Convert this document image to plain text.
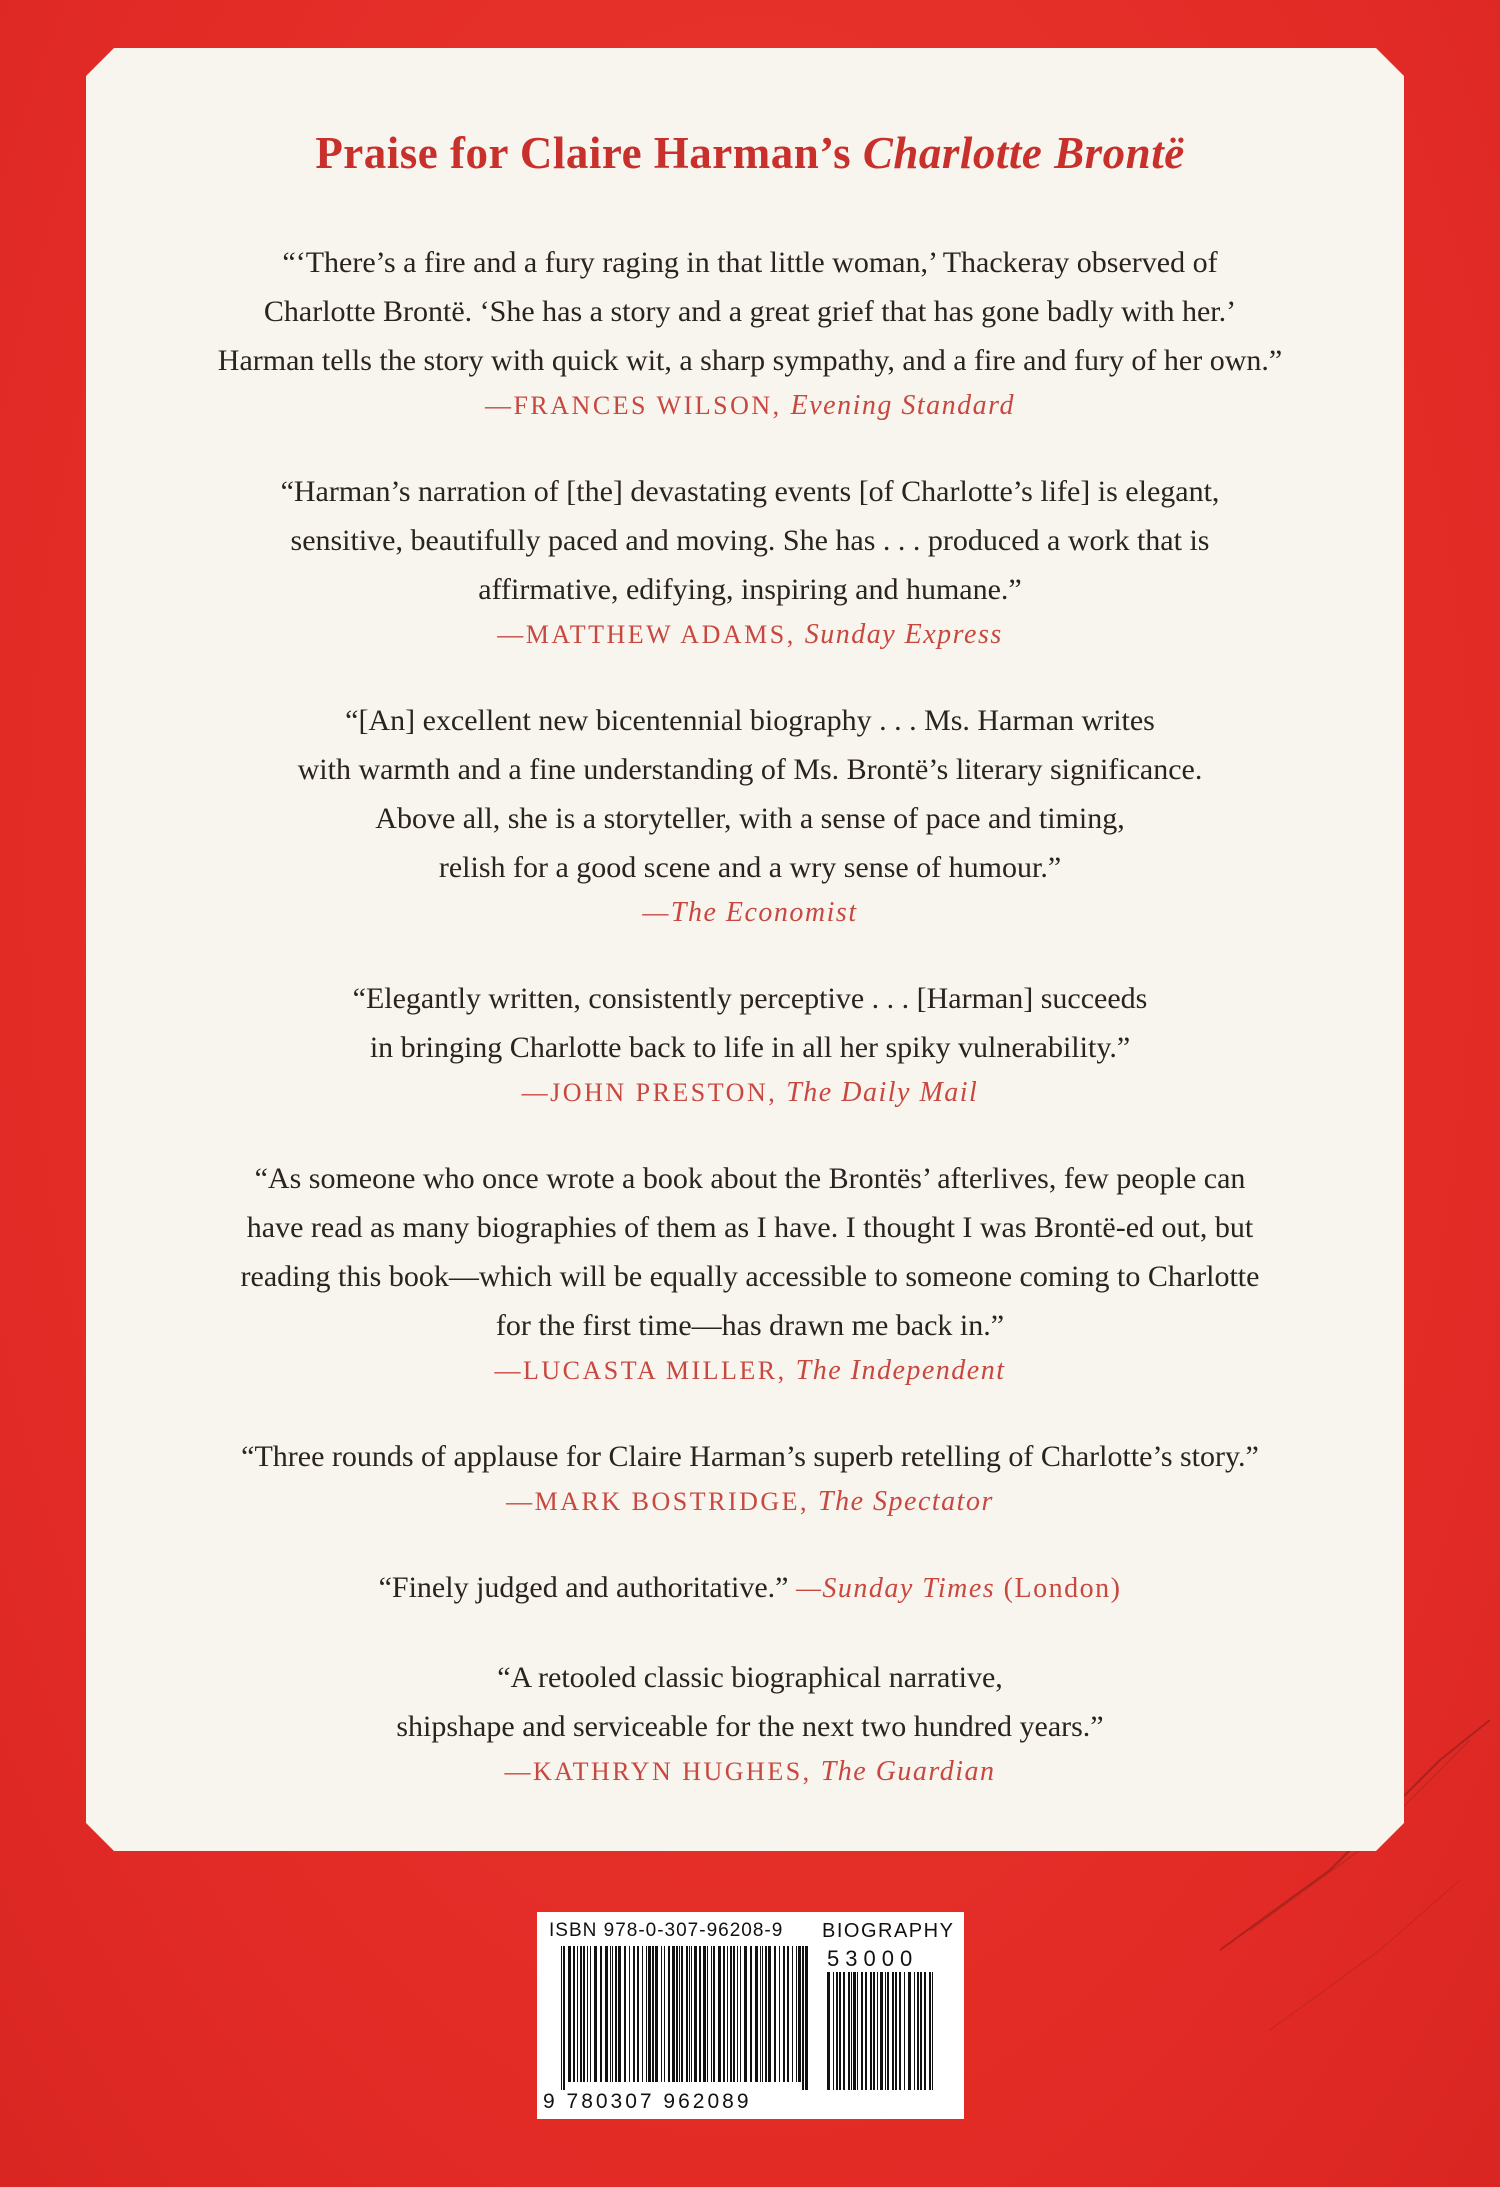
Praise for Claire Harman’s Charlotte Brontë

“‘There’s a fire and a fury raging in that little woman,’ Thackeray observed of
Charlotte Brontë. ‘She has a story and a great grief that has gone badly with her.’
Harman tells the story with quick wit, a sharp sympathy, and a fire and fury of her own.”

—FRANCES WILSON, Evening Standard

“Harman’s narration of [the] devastating events [of Charlotte’s life] is elegant,
sensitive, beautifully paced and moving. She has . . . produced a work that is
affirmative, edifying, inspiring and humane.”

—MATTHEW ADAMS, Sunday Express

“[An] excellent new bicentennial biography . . . Ms. Harman writes
with warmth and a fine understanding of Ms. Brontë’s literary significance.
Above all, she is a storyteller, with a sense of pace and timing,
relish for a good scene and a wry sense of humour.”

—The Economist

“Elegantly written, consistently perceptive . . . [Harman] succeeds
in bringing Charlotte back to life in all her spiky vulnerability.”

—JOHN PRESTON, The Daily Mail

“As someone who once wrote a book about the Brontës’ afterlives, few people can
have read as many biographies of them as I have. I thought I was Brontë-ed out, but
reading this book—which will be equally accessible to someone coming to Charlotte
for the first time—has drawn me back in.”

—LUCASTA MILLER, The Independent

“Three rounds of applause for Claire Harman’s superb retelling of Charlotte’s story.”

—MARK BOSTRIDGE, The Spectator

“Finely judged and authoritative.” —Sunday Times (London)

“A retooled classic biographical narrative,
shipshape and serviceable for the next two hundred years.”

—KATHRYN HUGHES, The Guardian

ISBN 978-0-307-96208-9 BIOGRAPHY
53000
9 780307 962089
